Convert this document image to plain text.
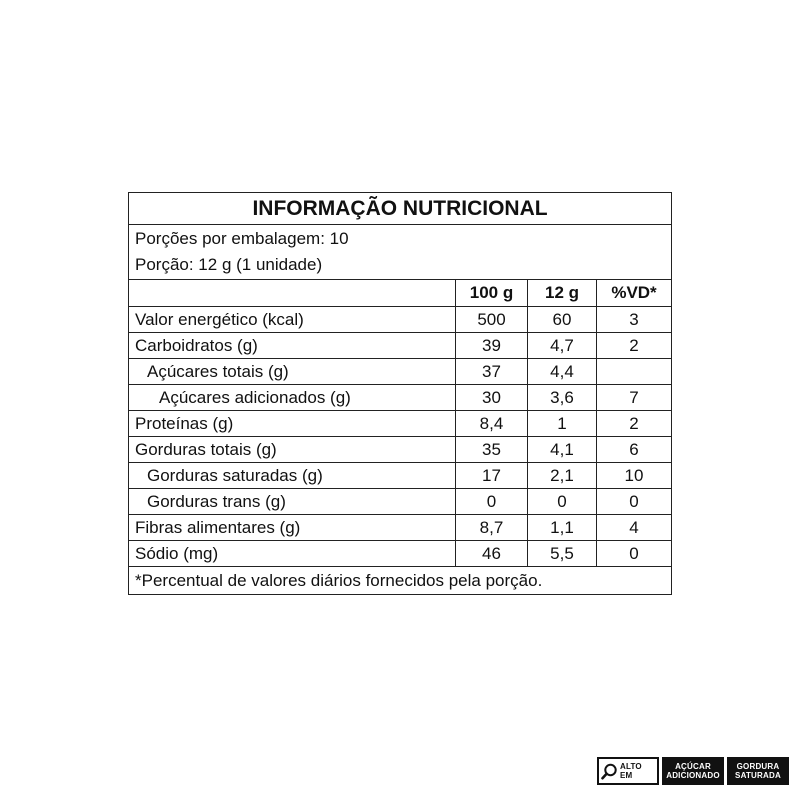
INFORMAÇÃO NUTRICIONAL			

Porções por embalagem: 10
Porção: 12 g (1 unidade)			

	100 g	12 g	%VD*
Valor energético (kcal)	500	60	3
Carboidratos (g)	39	4,7	2
Açúcares totais (g)	37	4,4	
Açúcares adicionados (g)	30	3,6	7
Proteínas (g)	8,4	1	2
Gorduras totais (g)	35	4,1	6
Gorduras saturadas (g)	17	2,1	10
Gorduras trans (g)	0	0	0
Fibras alimentares (g)	8,7	1,1	4
Sódio (mg)	46	5,5	0
*Percentual de valores diários fornecidos pela porção.			
ALTO EM
AÇÚCAR
ADICIONADO
GORDURA
SATURADA
